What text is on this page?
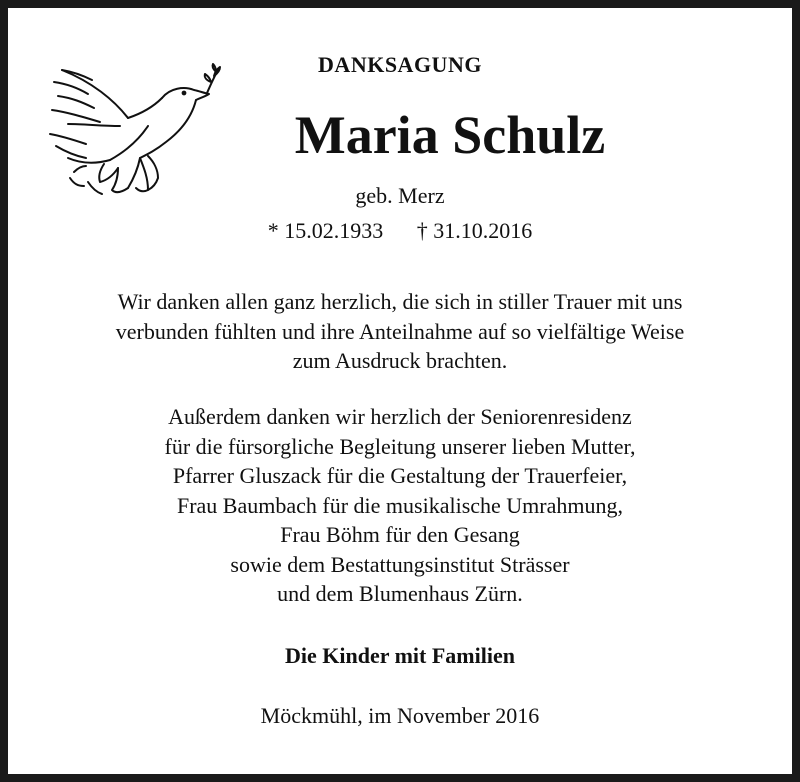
DANKSAGUNG
Maria Schulz
geb. Merz
* 15.02.1933 † 31.10.2016
Wir danken allen ganz herzlich, die sich in stiller Trauer mit uns
verbunden fühlten und ihre Anteilnahme auf so vielfältige Weise
zum Ausdruck brachten.
Außerdem danken wir herzlich der Seniorenresidenz
für die fürsorgliche Begleitung unserer lieben Mutter,
Pfarrer Gluszack für die Gestaltung der Trauerfeier,
Frau Baumbach für die musikalische Umrahmung,
Frau Böhm für den Gesang
sowie dem Bestattungsinstitut Strässer
und dem Blumenhaus Zürn.
Die Kinder mit Familien
Möckmühl, im November 2016
